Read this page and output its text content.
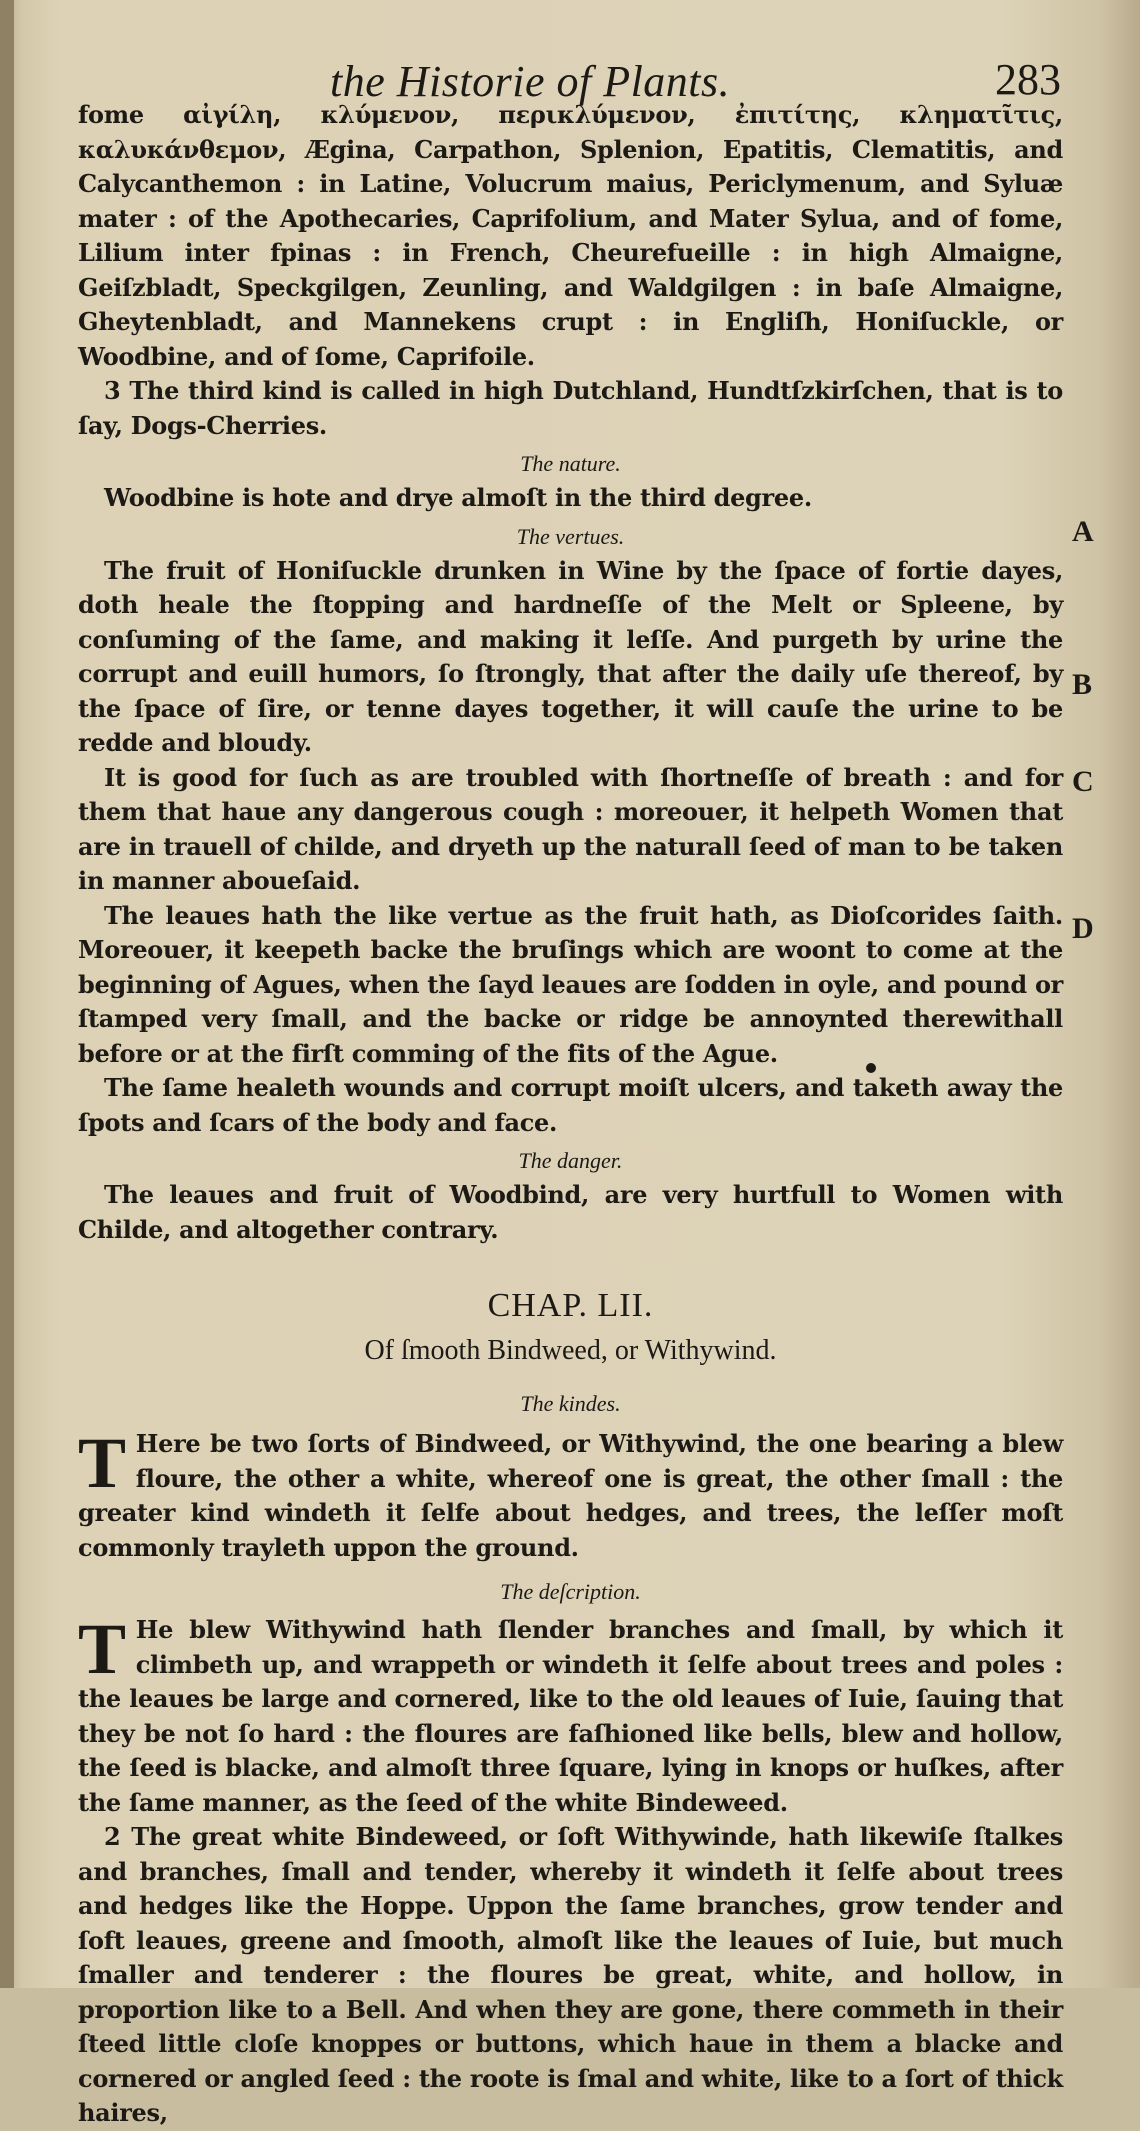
the Historie of Plants.	283

fome αἰγίλη, κλύμενον, περικλύμενον, ἐπιτίτης, κληματῖτις, καλυκάνθεμον, Ægina, Carpathon, Splenion, Epatitis, Clematitis, and Calycanthemon : in Latine, Volucrum maius, Periclymenum, and Syluæ mater : of the Apothecaries, Caprifolium, and Mater Sylua, and of fome, Lilium inter fpinas : in French, Cheurefueille : in high Almaigne, Geiſzbladt, Speckgilgen, Zeunling, and Waldgilgen : in baſe Almaigne, Gheytenbladt, and Mannekens crupt : in Engliſh, Honiſuckle, or Woodbine, and of ſome, Caprifoile.

3 The third kind is called in high Dutchland, Hundtſzkirſchen, that is to ſay, Dogs-Cherries.

The nature.

Woodbine is hote and drye almoſt in the third degree.

The vertues.

The fruit of Honiſuckle drunken in Wine by the ſpace of fortie dayes, doth heale the ſtopping and hardneſſe of the Melt or Spleene, by conſuming of the ſame, and making it leſſe. And purgeth by urine the corrupt and euill humors, ſo ſtrongly, that after the daily uſe thereof, by the ſpace of ſire, or tenne dayes together, it will cauſe the urine to be redde and bloudy.

It is good for ſuch as are troubled with ſhortneſſe of breath : and for them that haue any dangerous cough : moreouer, it helpeth Women that are in trauell of childe, and dryeth up the naturall ſeed of man to be taken in manner aboueſaid.

The leaues hath the like vertue as the fruit hath, as Dioſcorides ſaith. Moreouer, it keepeth backe the bruſings which are woont to come at the beginning of Agues, when the ſayd leaues are ſodden in oyle, and pound or ſtamped very ſmall, and the backe or ridge be annoynted therewithall before or at the firſt comming of the fits of the Ague.

The ſame healeth wounds and corrupt moiſt ulcers, and taketh away the ſpots and ſcars of the body and face.

The danger.

The leaues and fruit of Woodbind, are very hurtfull to Women with Childe, and altogether contrary.

CHAP. LII.
Of ſmooth Bindweed, or Withywind.
The kindes.

T Here be two ſorts of Bindweed, or Withywind, the one bearing a blew floure, the other a white, whereof one is great, the other ſmall : the greater kind windeth it ſelfe about hedges, and trees, the leſſer moſt commonly trayleth uppon the ground.

The deſcription.

T He blew Withywind hath ſlender branches and ſmall, by which it climbeth up, and wrappeth or windeth it ſelfe about trees and poles : the leaues be large and cornered, like to the old leaues of Iuie, ſauing that they be not ſo hard : the floures are faſhioned like bells, blew and hollow, the ſeed is blacke, and almoſt three ſquare, lying in knops or huſkes, after the ſame manner, as the ſeed of the white Bindeweed.

2 The great white Bindeweed, or ſoft Withywinde, hath likewiſe ſtalkes and branches, ſmall and tender, whereby it windeth it ſelfe about trees and hedges like the Hoppe. Uppon the ſame branches, grow tender and ſoft leaues, greene and ſmooth, almoſt like the leaues of Iuie, but much ſmaller and tenderer : the floures be great, white, and hollow, in proportion like to a Bell. And when they are gone, there commeth in their ſteed little cloſe knoppes or buttons, which haue in them a blacke and cornered or angled ſeed : the roote is ſmal and white, like to a ſort of thick haires,

A
B
C
D
